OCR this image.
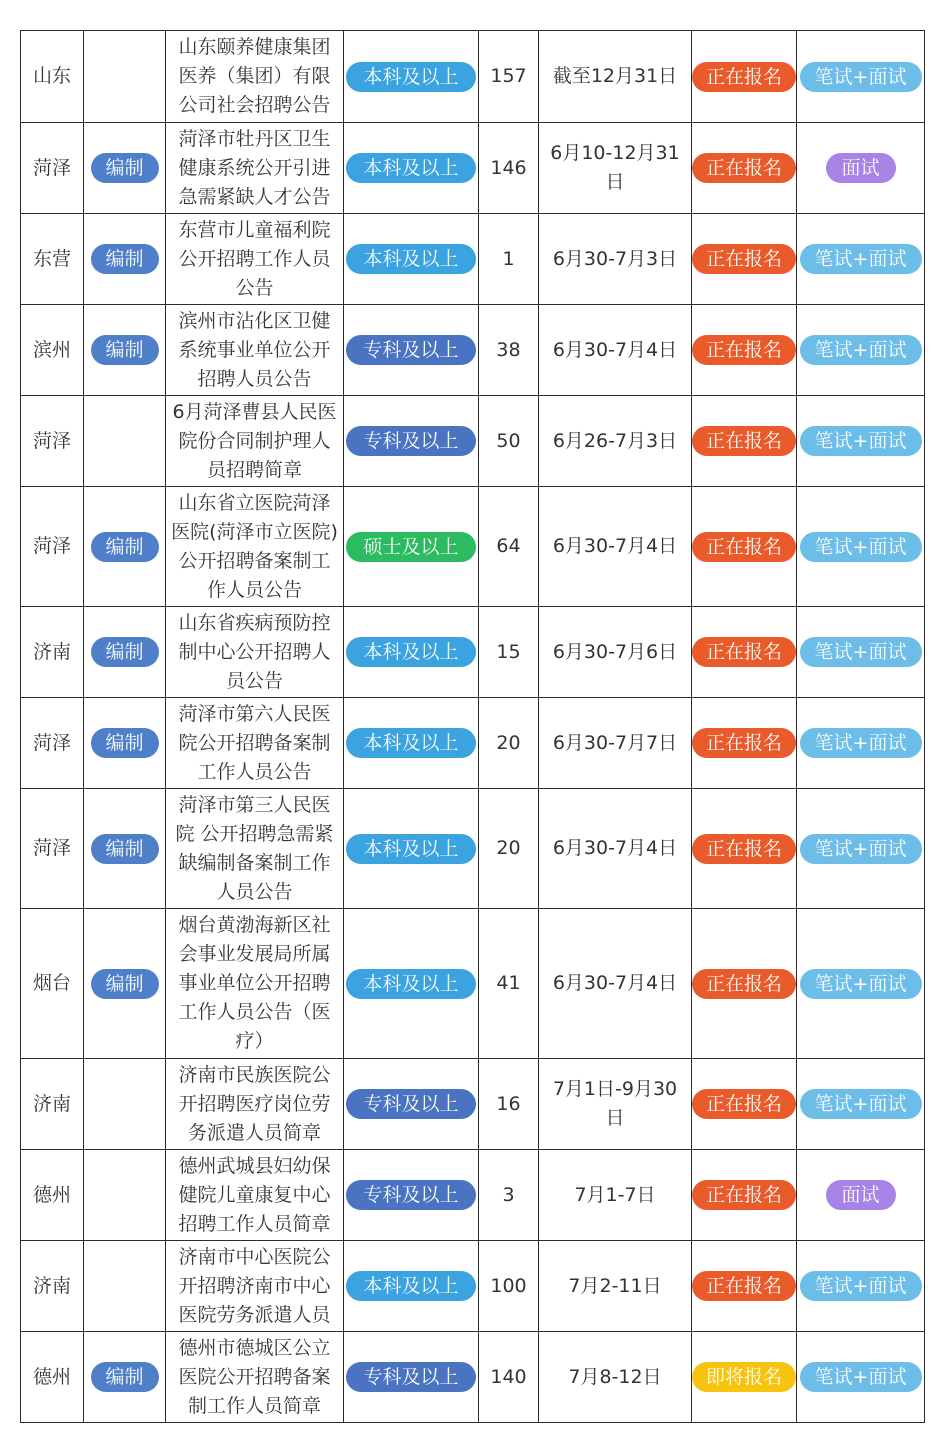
山东		山东颐养健康集团医养（集团）有限公司社会招聘公告	本科及以上	157	截至12月31日	正在报名	笔试+面试
菏泽	编制	菏泽市牡丹区卫生健康系统公开引进急需紧缺人才公告	本科及以上	146	6月10-12月31日	正在报名	面试
东营	编制	东营市儿童福利院公开招聘工作人员公告	本科及以上	1	6月30-7月3日	正在报名	笔试+面试
滨州	编制	滨州市沾化区卫健系统事业单位公开招聘人员公告	专科及以上	38	6月30-7月4日	正在报名	笔试+面试
菏泽		6月菏泽曹县人民医院份合同制护理人员招聘简章	专科及以上	50	6月26-7月3日	正在报名	笔试+面试
菏泽	编制	山东省立医院菏泽医院(菏泽市立医院)公开招聘备案制工作人员公告	硕士及以上	64	6月30-7月4日	正在报名	笔试+面试
济南	编制	山东省疾病预防控制中心公开招聘人员公告	本科及以上	15	6月30-7月6日	正在报名	笔试+面试
菏泽	编制	菏泽市第六人民医院公开招聘备案制工作人员公告	本科及以上	20	6月30-7月7日	正在报名	笔试+面试
菏泽	编制	菏泽市第三人民医院 公开招聘急需紧缺编制备案制工作人员公告	本科及以上	20	6月30-7月4日	正在报名	笔试+面试
烟台	编制	烟台黄渤海新区社会事业发展局所属事业单位公开招聘工作人员公告（医疗）	本科及以上	41	6月30-7月4日	正在报名	笔试+面试
济南		济南市民族医院公开招聘医疗岗位劳务派遣人员简章	专科及以上	16	7月1日-9月30日	正在报名	笔试+面试
德州		德州武城县妇幼保健院儿童康复中心招聘工作人员简章	专科及以上	3	7月1-7日	正在报名	面试
济南		济南市中心医院公开招聘济南市中心医院劳务派遣人员	本科及以上	100	7月2-11日	正在报名	笔试+面试
德州	编制	德州市德城区公立医院公开招聘备案制工作人员简章	专科及以上	140	7月8-12日	即将报名	笔试+面试
